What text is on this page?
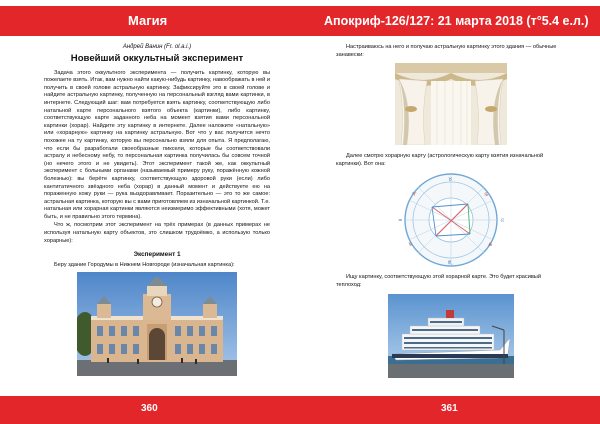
Магия
Андрей Ванин (Fr. ol.a.i.)
Новейший оккультный эксперимент

Задача этого оккультного эксперимента — получить картинку, которую вы пожелаете взять. Итак, вам нужно найти какую-нибудь картинку, навоображать в ней и получить в своей голове астральную картинку. Зафиксируйте это в своей голове и найдите астральную картинку, полученную на персональный взгляд вами картинки, в интернете. Следующий шаг: вам потребуется взять картинку, соответствующую либо натальной карте персонального взятого объекта (картинки), либо картинку, соответствующую карте заданного неба на момент взятия вами персональной картинки (хорар). Найдите эту картинку в интернете. Далее наложите «натальную» или «хорарную» картинку на картинку астральную. Вот что у вас получится нечто похожее на ту картинку, которую вы персонально взяли для опыта. Я предполагаю, что если бы разработали своеобразные пиксели, которые бы соответствовали астралу и небесному небу, то персональная картинка получилась бы совсем точной (но нечего этого и не увидеть). Этот эксперимент такой же, как оккультный эксперимент с больными органами (называемый примеру руку, поражённую кожной болезнью): вы берёте картинку, соответствующую здоровой руки (если) либо кантитатичного звёздного неба (хорар) в данный момент и действуете ею на пораженную кожу руки — рука выздоравливает. Поразительно — это то же самое: астральная картинка, которую вы с вами приготовляем из изначальной картинкой. Т.е. натальная или хорарная картинки являются неизмеримо эффективными (хотя, может быть, и не правильно этого термина).

Что ж, посмотрим этот эксперимент на трёх примерах (в данных примерах не используя натальную карту объектов, это слишком трудоёмко, а использую только хорарные):

Эксперимент 1
Беру здание Городумы в Нижнем Новгороде (изначальная картинка):
360
Апокриф-126/127: 21 марта 2018 (т°5.4 е.л.)
Настраиваюсь на него и получаю астральную картинку этого здания — обычные занавески:
Далее смотрю хорарную карту (астрологическую карту взятия изначальной картинки). Вот она:
♈	♋
♑	♎
♉
♏
♒	♌
Ищу картинку, соответствующую этой хорарной карте. Это будет красивый теплоход:
361
